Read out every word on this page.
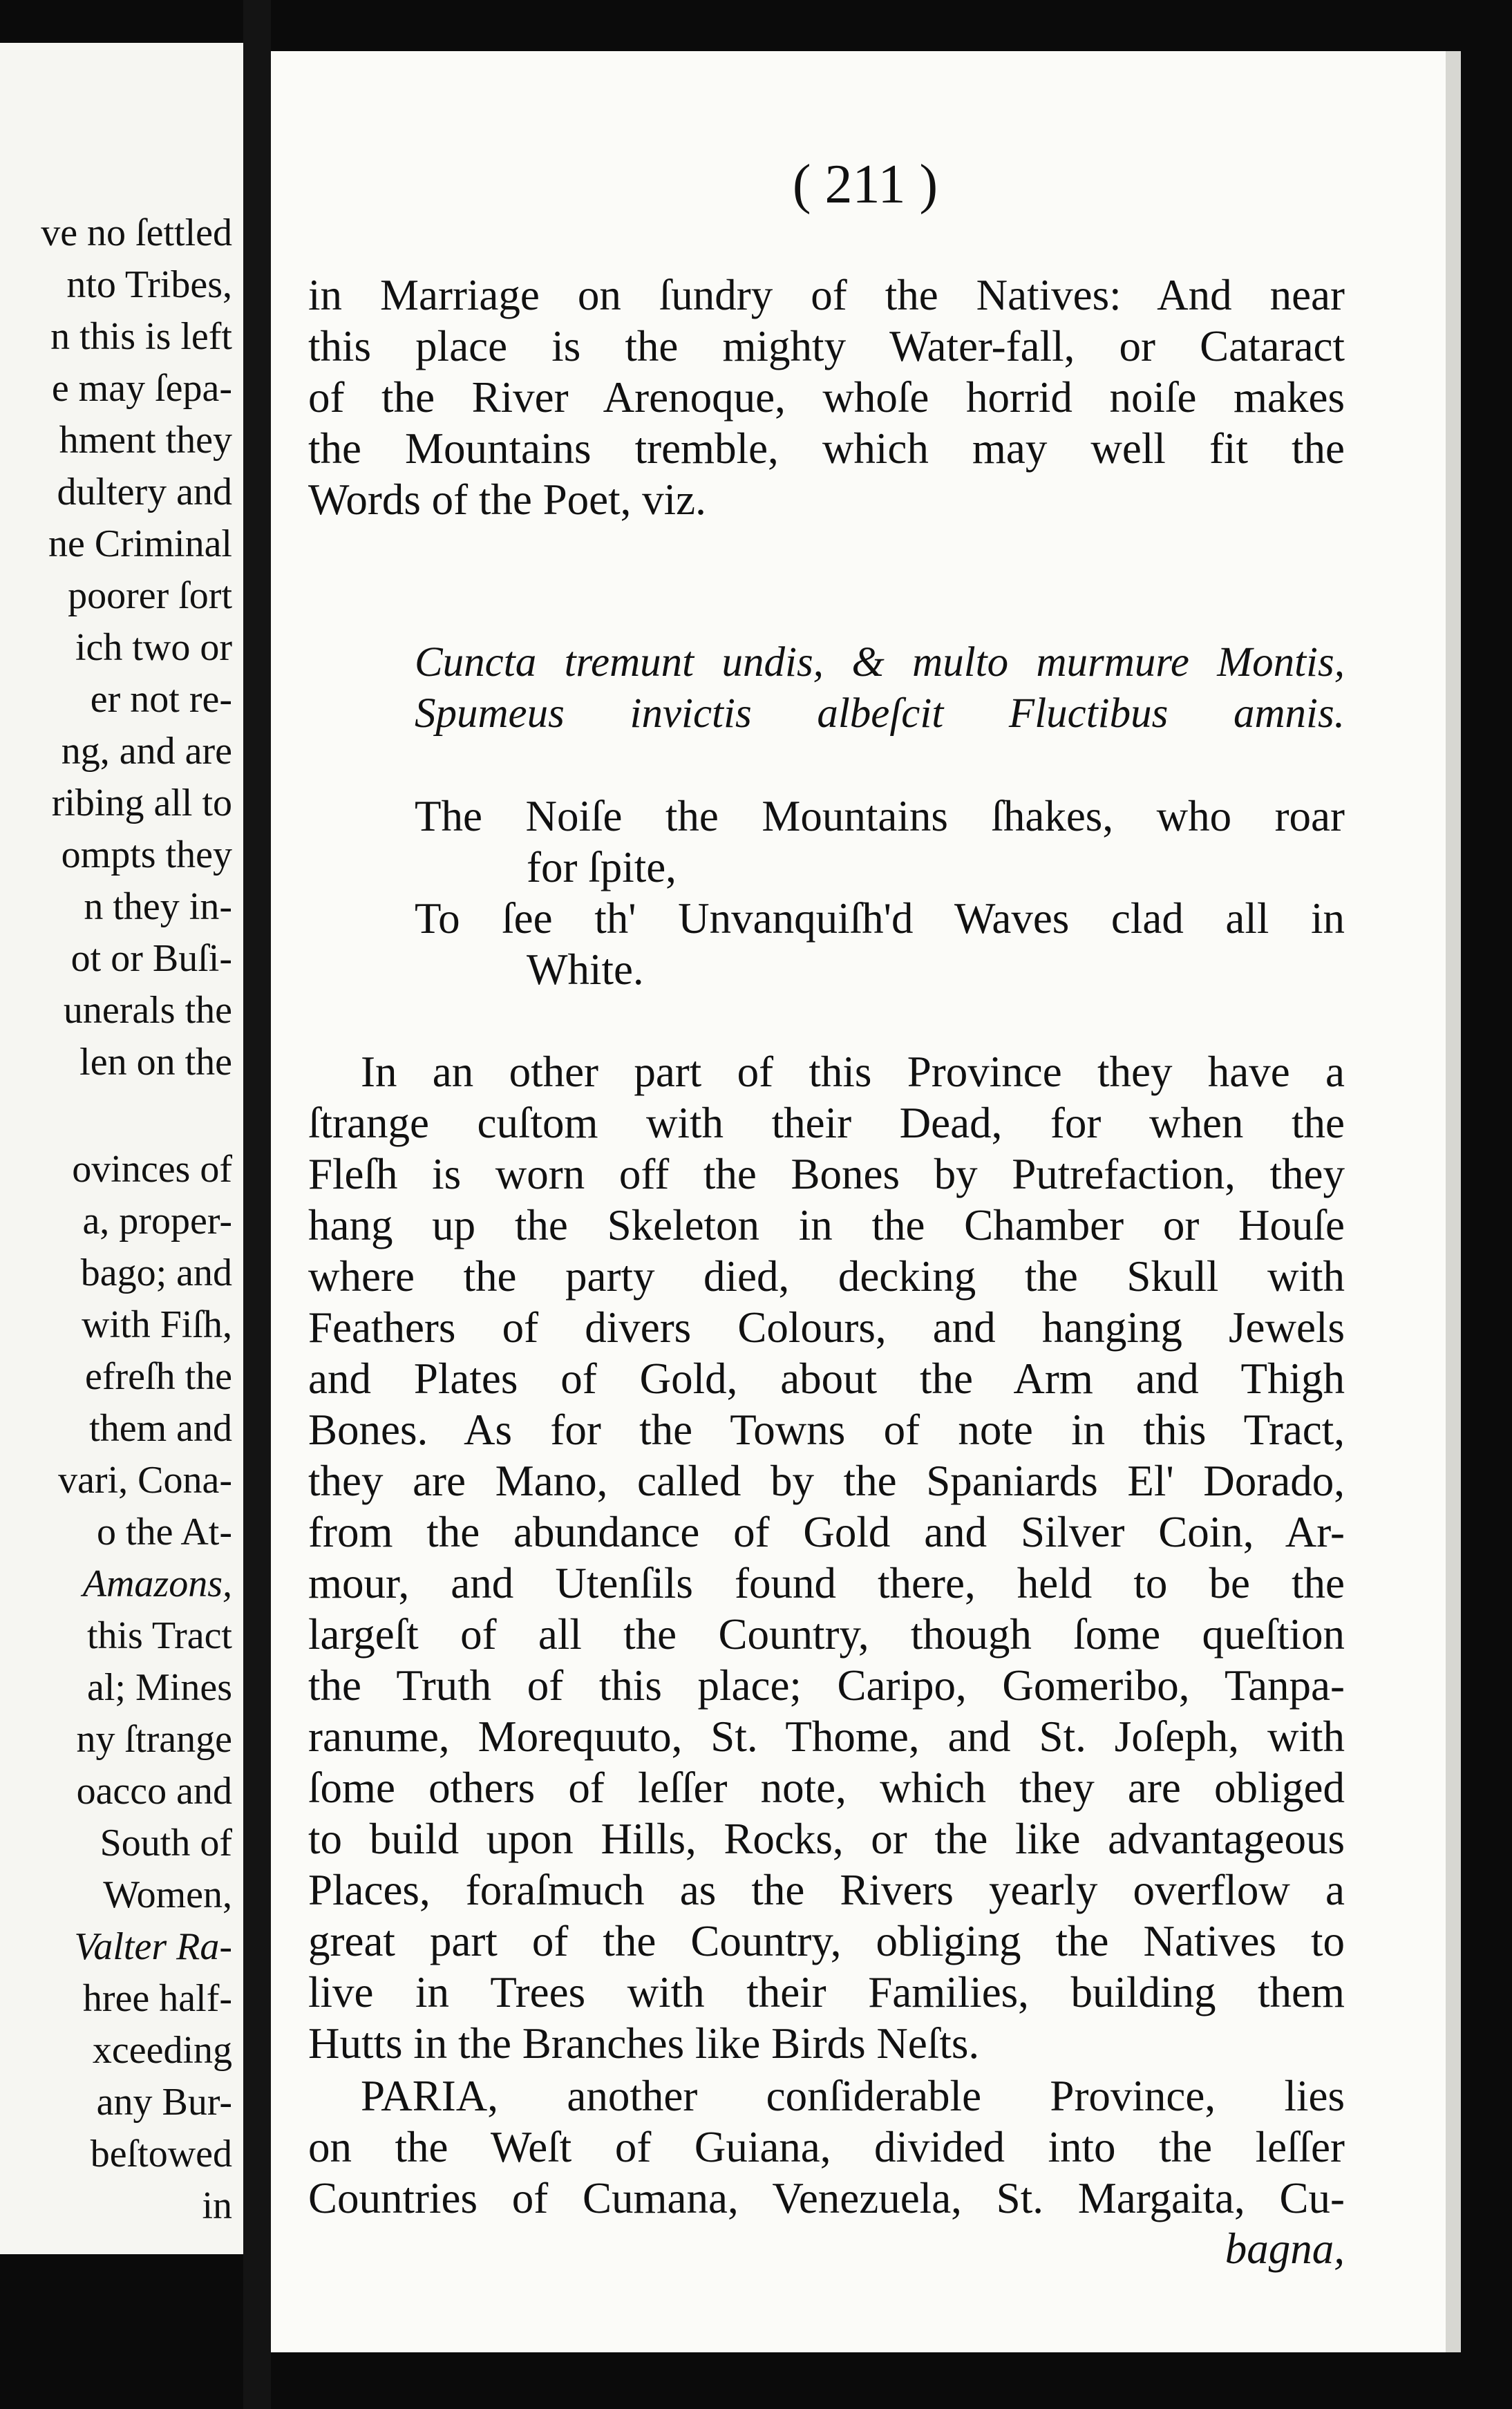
ve no ſettled
nto Tribes,
n this is left
e may ſepa-
hment they
dultery and
ne Criminal
poorer ſort
ich two or
er not re-
ng, and are
ribing all to
ompts they
n they in-
ot or Buſi-
unerals the
len on the
ovinces of
a, proper-
bago; and
with Fiſh,
efreſh the
them and
vari, Cona-
o the At-
Amazons,
this Tract
al; Mines
ny ſtrange
oacco and
South of
Women,
Valter Ra-
hree half-
xceeding
any Bur-
beſtowed
in
( 211 )
in Marriage on ſundry of the Natives: And near
this place is the mighty Water-fall, or Cataract
of the River Arenoque, whoſe horrid noiſe makes
the Mountains tremble, which may well fit the
Words of the Poet, viz.
Cuncta tremunt undis, & multo murmure Montis,
Spumeus invictis albeſcit Fluctibus amnis.
The Noiſe the Mountains ſhakes, who roar
for ſpite,
To ſee th' Unvanquiſh'd Waves clad all in
White.
In an other part of this Province they have a
ſtrange cuſtom with their Dead, for when the
Fleſh is worn off the Bones by Putrefaction, they
hang up the Skeleton in the Chamber or Houſe
where the party died, decking the Skull with
Feathers of divers Colours, and hanging Jewels
and Plates of Gold, about the Arm and Thigh
Bones. As for the Towns of note in this Tract,
they are Mano, called by the Spaniards El' Dorado,
from the abundance of Gold and Silver Coin, Ar-
mour, and Utenſils found there, held to be the
largeſt of all the Country, though ſome queſtion
the Truth of this place; Caripo, Gomeribo, Tanpa-
ranume, Morequuto, St. Thome, and St. Joſeph, with
ſome others of leſſer note, which they are obliged
to build upon Hills, Rocks, or the like advantageous
Places, foraſmuch as the Rivers yearly overflow a
great part of the Country, obliging the Natives to
live in Trees with their Families, building them
Hutts in the Branches like Birds Neſts.
PARIA, another conſiderable Province, lies
on the Weſt of Guiana, divided into the leſſer
Countries of Cumana, Venezuela, St. Margaita, Cu-
bagna,
